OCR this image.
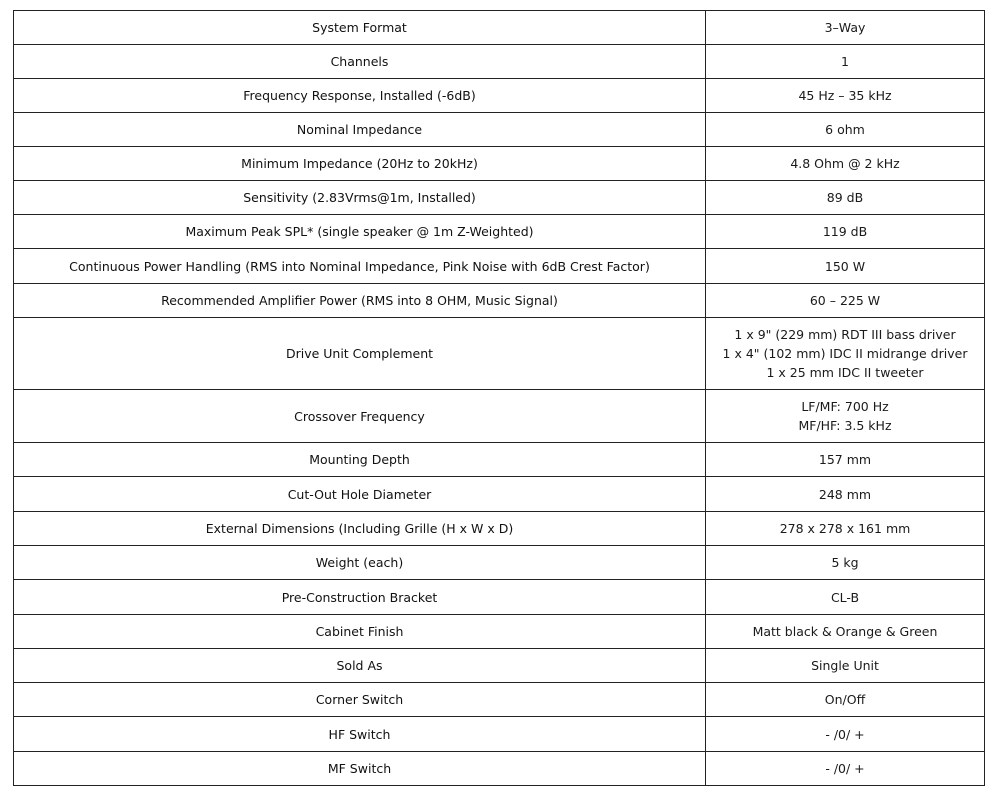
System Format	3–Way

Channels	1

Frequency Response, Installed (-6dB)	45 Hz – 35 kHz

Nominal Impedance	6 ohm

Minimum Impedance (20Hz to 20kHz)	4.8 Ohm @ 2 kHz

Sensitivity (2.83Vrms@1m, Installed)	89 dB

Maximum Peak SPL* (single speaker @ 1m Z-Weighted)	119 dB

Continuous Power Handling (RMS into Nominal Impedance, Pink Noise with 6dB Crest Factor)	150 W

Recommended Amplifier Power (RMS into 8 OHM, Music Signal)	60 – 225 W

Drive Unit Complement	1 x 9" (229 mm) RDT III bass driver
1 x 4" (102 mm) IDC II midrange driver
1 x 25 mm IDC II tweeter

Crossover Frequency	LF/MF: 700 Hz
MF/HF: 3.5 kHz

Mounting Depth	157 mm

Cut-Out Hole Diameter	248 mm

External Dimensions (Including Grille (H x W x D)	278 x 278 x 161 mm

Weight (each)	5 kg

Pre-Construction Bracket	CL-B

Cabinet Finish	Matt black & Orange & Green

Sold As	Single Unit

Corner Switch	On/Off

HF Switch	- /0/ +

MF Switch	- /0/ +
